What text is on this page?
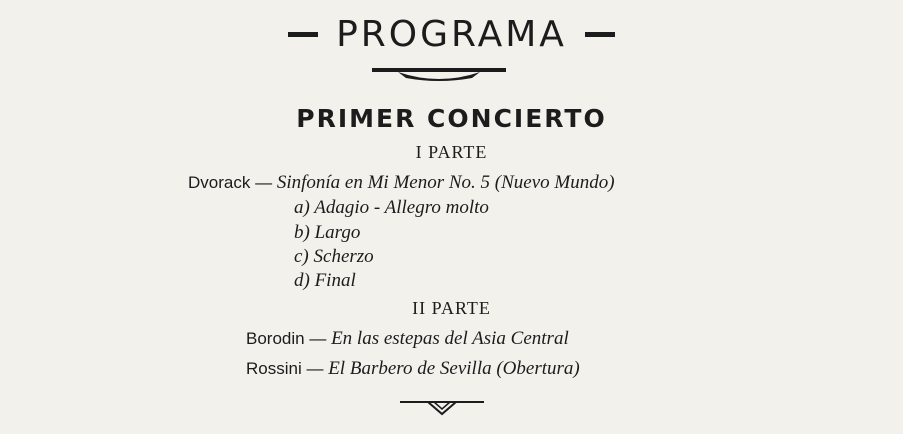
PROGRAMA
PRIMER CONCIERTO
I PARTE
Dvorack — Sinfonía en Mi Menor No. 5 (Nuevo Mundo)
a) Adagio - Allegro molto
b) Largo
c) Scherzo
d) Final
II PARTE
Borodin — En las estepas del Asia Central
Rossini — El Barbero de Sevilla (Obertura)
